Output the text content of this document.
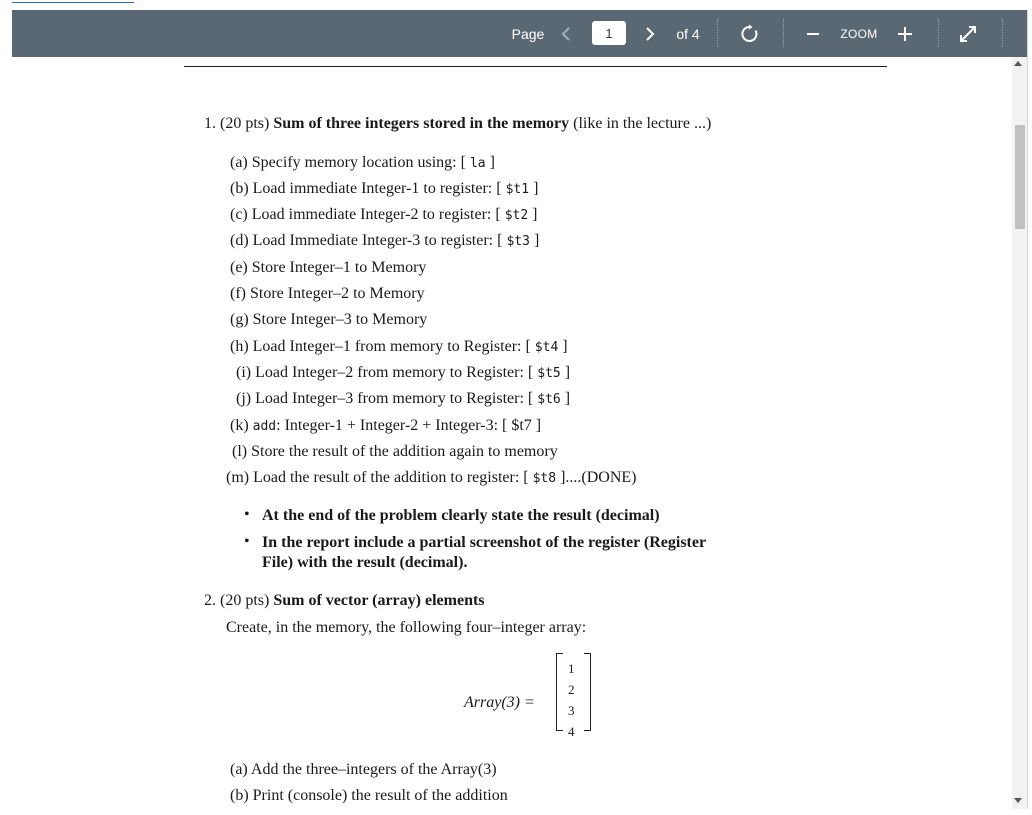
Page
1	of 4	ZOOM
1. (20 pts) Sum of three integers stored in the memory (like in the lecture ...)
(a) Specify memory location using: [ la ]
(b) Load immediate Integer-1 to register: [ $t1 ]
(c) Load immediate Integer-2 to register: [ $t2 ]
(d) Load Immediate Integer-3 to register: [ $t3 ]
(e) Store Integer–1 to Memory
(f) Store Integer–2 to Memory
(g) Store Integer–3 to Memory
(h) Load Integer–1 from memory to Register: [ $t4 ]
(i) Load Integer–2 from memory to Register: [ $t5 ]
(j) Load Integer–3 from memory to Register: [ $t6 ]
(k) add: Integer-1 + Integer-2 + Integer-3: [ $t7 ]
(l) Store the result of the addition again to memory
(m) Load the result of the addition to register: [ $t8 ]....(DONE)
• At the end of the problem clearly state the result (decimal)
• In the report include a partial screenshot of the register (Register
File) with the result (decimal).
2. (20 pts) Sum of vector (array) elements
Create, in the memory, the following four–integer array:
Array(3) =
1
2
3
4
(a) Add the three–integers of the Array(3)
(b) Print (console) the result of the addition
